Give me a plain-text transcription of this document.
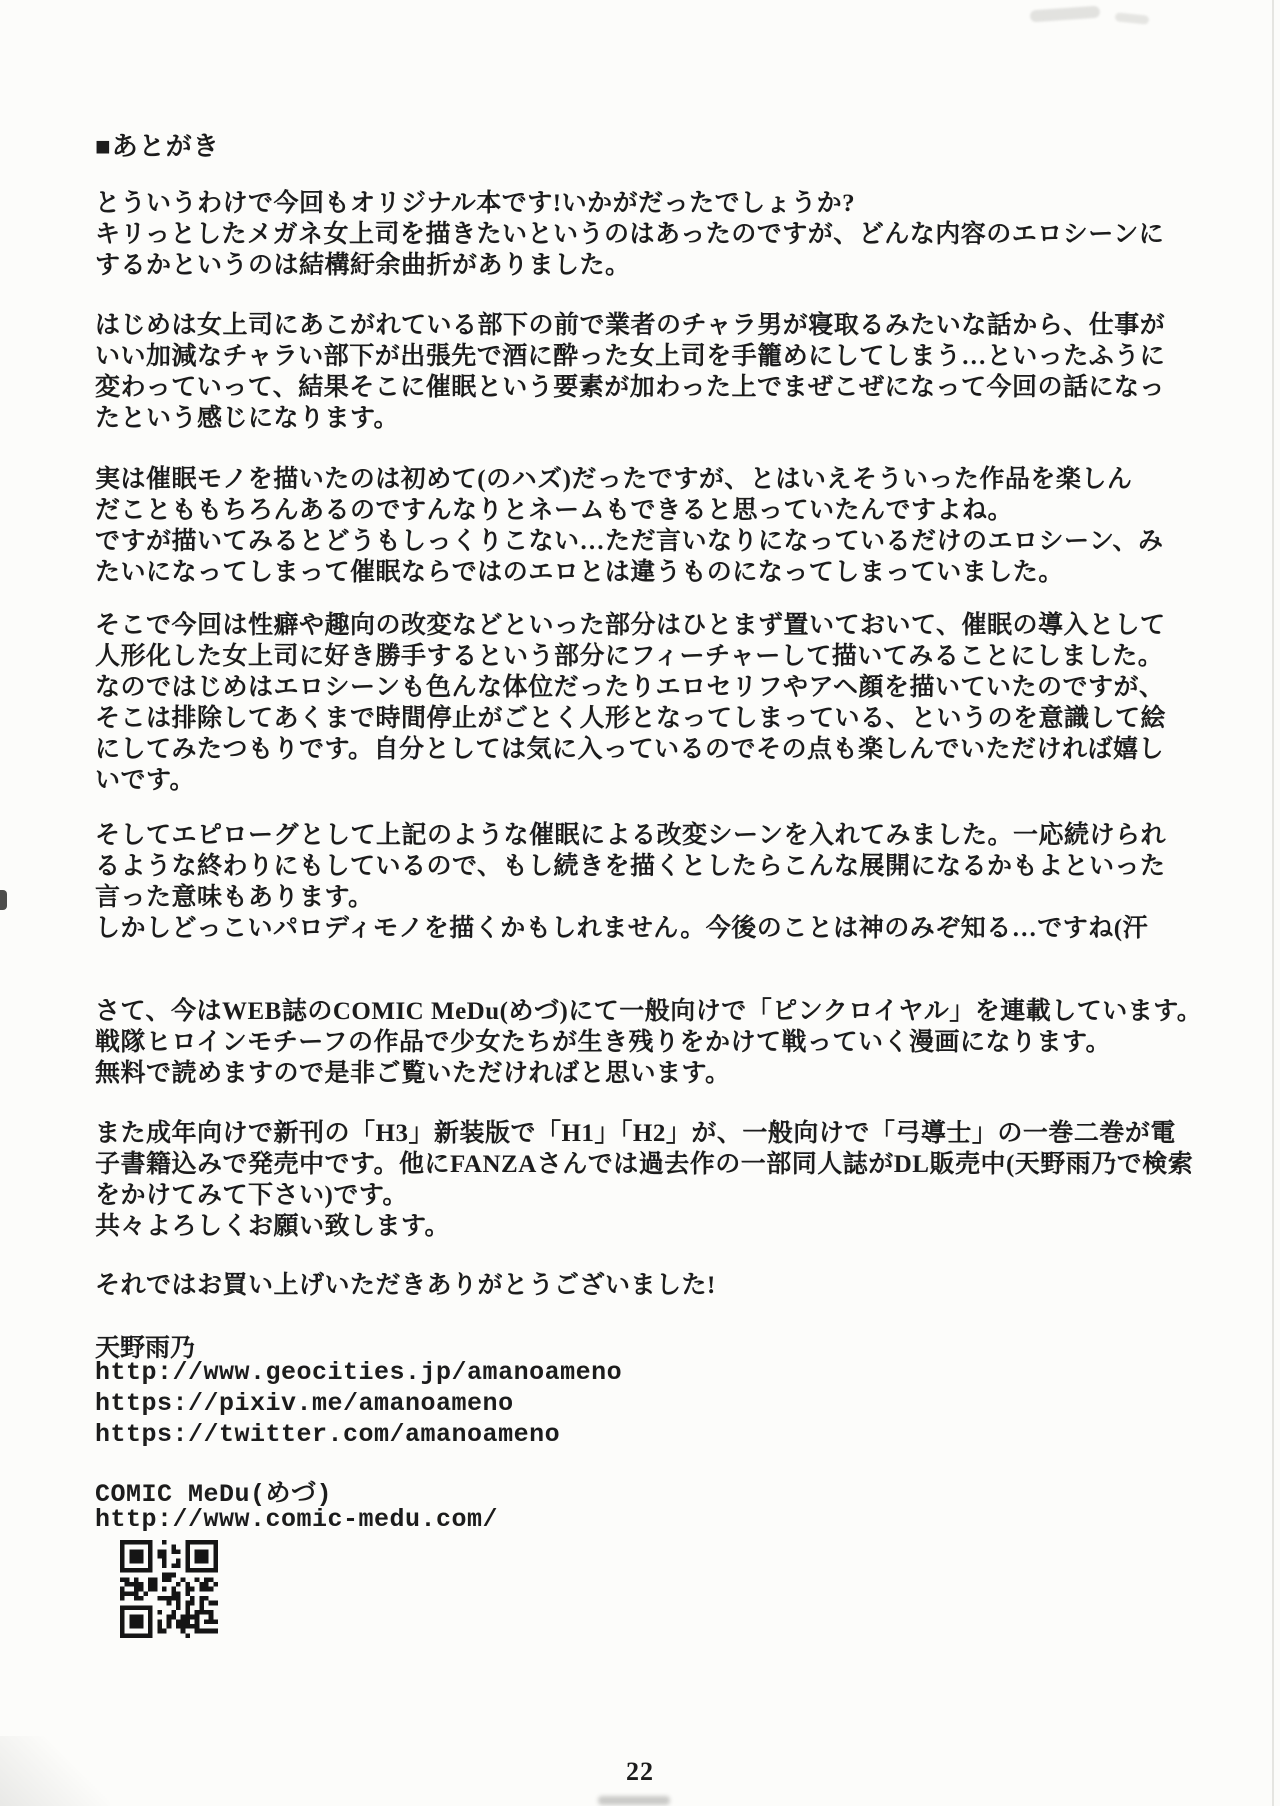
■あとがき
とういうわけで今回もオリジナル本です!いかがだったでしょうか?
キリっとしたメガネ女上司を描きたいというのはあったのですが、どんな内容のエロシーンに
するかというのは結構紆余曲折がありました。
はじめは女上司にあこがれている部下の前で業者のチャラ男が寝取るみたいな話から、仕事が
いい加減なチャラい部下が出張先で酒に酔った女上司を手籠めにしてしまう…といったふうに
変わっていって、結果そこに催眠という要素が加わった上でまぜこぜになって今回の話になっ
たという感じになります。
実は催眠モノを描いたのは初めて(のハズ)だったですが、とはいえそういった作品を楽しん
だことももちろんあるのですんなりとネームもできると思っていたんですよね。
ですが描いてみるとどうもしっくりこない…ただ言いなりになっているだけのエロシーン、み
たいになってしまって催眠ならではのエロとは違うものになってしまっていました。
そこで今回は性癖や趣向の改変などといった部分はひとまず置いておいて、催眠の導入として
人形化した女上司に好き勝手するという部分にフィーチャーして描いてみることにしました。
なのではじめはエロシーンも色んな体位だったりエロセリフやアヘ顔を描いていたのですが、
そこは排除してあくまで時間停止がごとく人形となってしまっている、というのを意識して絵
にしてみたつもりです。自分としては気に入っているのでその点も楽しんでいただければ嬉し
いです。
そしてエピローグとして上記のような催眠による改変シーンを入れてみました。一応続けられ
るような終わりにもしているので、もし続きを描くとしたらこんな展開になるかもよといった
言った意味もあります。
しかしどっこいパロディモノを描くかもしれません。今後のことは神のみぞ知る…ですね(汗
さて、今はWEB誌のCOMIC MeDu(めづ)にて一般向けで「ピンクロイヤル」を連載しています。
戦隊ヒロインモチーフの作品で少女たちが生き残りをかけて戦っていく漫画になります。
無料で読めますので是非ご覧いただければと思います。
また成年向けで新刊の「H3」新装版で「H1」「H2」が、一般向けで「弓導士」の一巻二巻が電
子書籍込みで発売中です。他にFANZAさんでは過去作の一部同人誌がDL販売中(天野雨乃で検索
をかけてみて下さい)です。
共々よろしくお願い致します。
それではお買い上げいただきありがとうございました!
天野雨乃
http://www.geocities.jp/amanoameno
https://pixiv.me/amanoameno
https://twitter.com/amanoameno
COMIC MeDu(めづ)
http://www.comic-medu.com/
22
